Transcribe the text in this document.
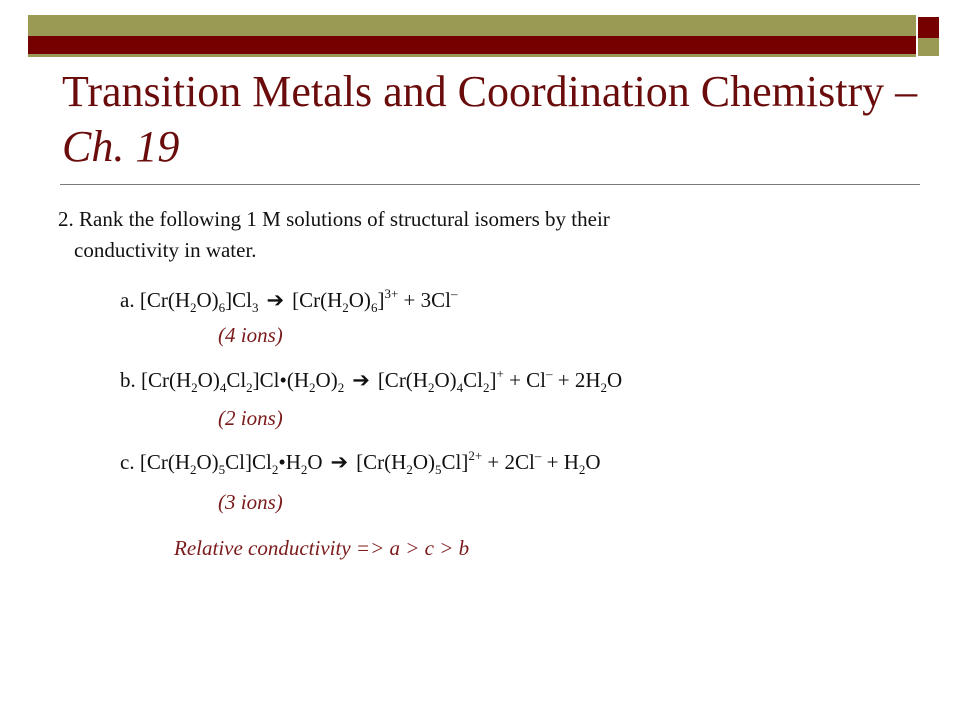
Transition Metals and Coordination Chemistry – Ch. 19
2. Rank the following 1 M solutions of structural isomers by their
conductivity in water.
a. $[Cr(H_2O)_6]Cl_3$ ➔ $[Cr(H_2O)_6]^{3+} + 3Cl^-$
(4 ions)
b. $[Cr(H_2O)_4Cl_2]Cl•(H_2O)_2$ ➔ $[Cr(H_2O)_4Cl_2]^+ + Cl^- + 2H_2O$
(2 ions)
c. $[Cr(H_2O)_5Cl]Cl_2•H_2O$ ➔ $[Cr(H_2O)_5Cl]^{2+} + 2Cl^- + H_2O$
(3 ions)
Relative conductivity => a > c > b
